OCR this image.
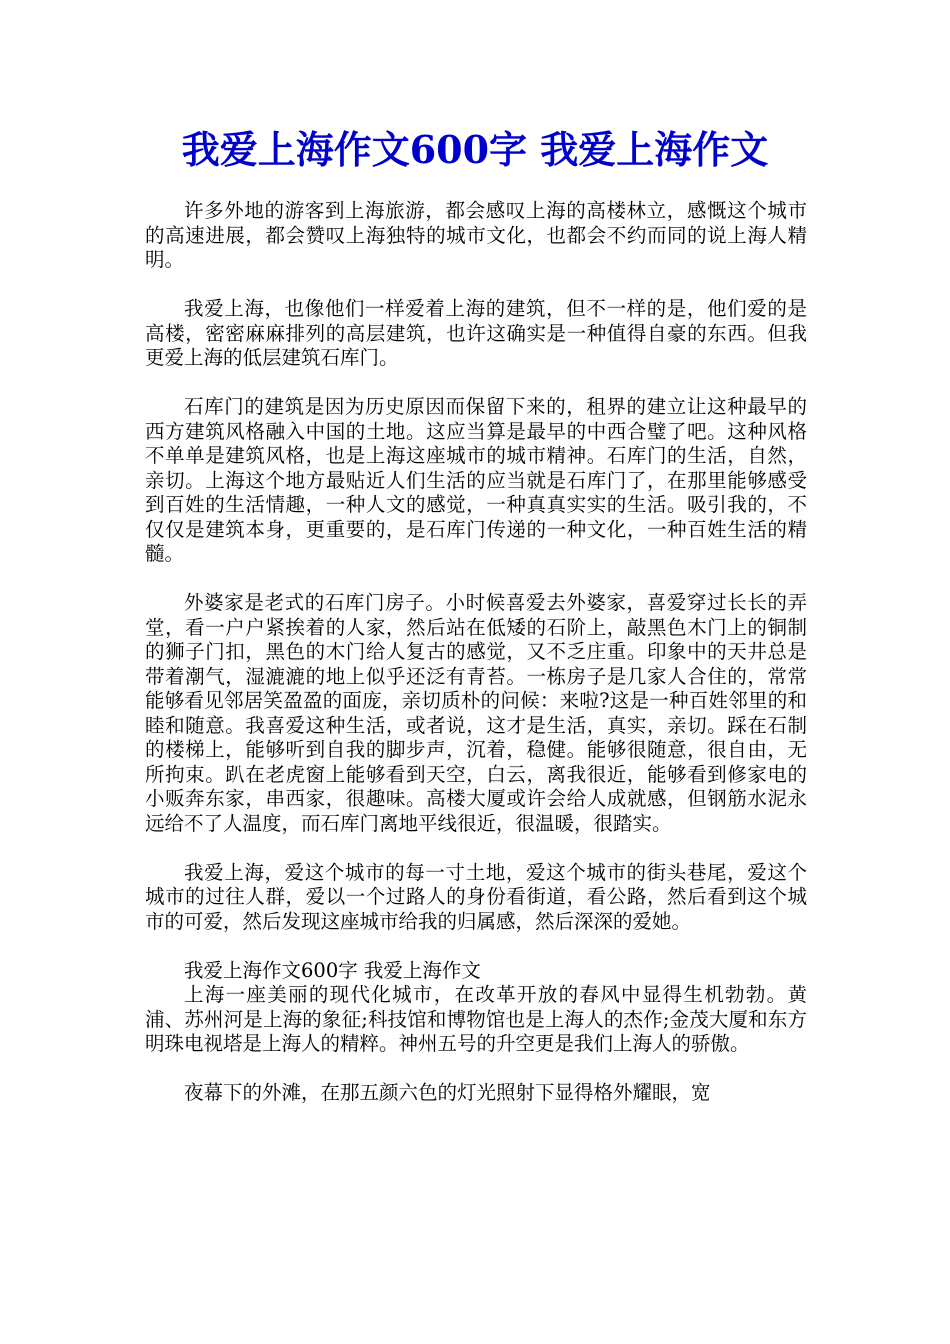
我爱上海作文600字 我爱上海作文

许多外地的游客到上海旅游，都会感叹上海的高楼林立，感慨这个城市的高速进展，都会赞叹上海独特的城市文化，也都会不约而同的说上海人精明。

我爱上海，也像他们一样爱着上海的建筑，但不一样的是，他们爱的是高楼，密密麻麻排列的高层建筑，也许这确实是一种值得自豪的东西。但我更爱上海的低层建筑石库门。

石库门的建筑是因为历史原因而保留下来的，租界的建立让这种最早的西方建筑风格融入中国的土地。这应当算是最早的中西合璧了吧。这种风格不单单是建筑风格，也是上海这座城市的城市精神。石库门的生活，自然，亲切。上海这个地方最贴近人们生活的应当就是石库门了，在那里能够感受到百姓的生活情趣，一种人文的感觉，一种真真实实的生活。吸引我的，不仅仅是建筑本身，更重要的，是石库门传递的一种文化，一种百姓生活的精髓。

外婆家是老式的石库门房子。小时候喜爱去外婆家，喜爱穿过长长的弄堂，看一户户紧挨着的人家，然后站在低矮的石阶上，敲黑色木门上的铜制的狮子门扣，黑色的木门给人复古的感觉，又不乏庄重。印象中的天井总是带着潮气，湿漉漉的地上似乎还泛有青苔。一栋房子是几家人合住的，常常能够看见邻居笑盈盈的面庞，亲切质朴的问候：来啦?这是一种百姓邻里的和睦和随意。我喜爱这种生活，或者说，这才是生活，真实，亲切。踩在石制的楼梯上，能够听到自我的脚步声，沉着，稳健。能够很随意，很自由，无所拘束。趴在老虎窗上能够看到天空，白云，离我很近，能够看到修家电的小贩奔东家，串西家，很趣味。高楼大厦或许会给人成就感，但钢筋水泥永远给不了人温度，而石库门离地平线很近，很温暖，很踏实。

我爱上海，爱这个城市的每一寸土地，爱这个城市的街头巷尾，爱这个城市的过往人群，爱以一个过路人的身份看街道，看公路，然后看到这个城市的可爱，然后发现这座城市给我的归属感，然后深深的爱她。

我爱上海作文600字 我爱上海作文

上海一座美丽的现代化城市，在改革开放的春风中显得生机勃勃。黄浦、苏州河是上海的象征;科技馆和博物馆也是上海人的杰作;金茂大厦和东方明珠电视塔是上海人的精粹。神州五号的升空更是我们上海人的骄傲。

夜幕下的外滩，在那五颜六色的灯光照射下显得格外耀眼，宽
